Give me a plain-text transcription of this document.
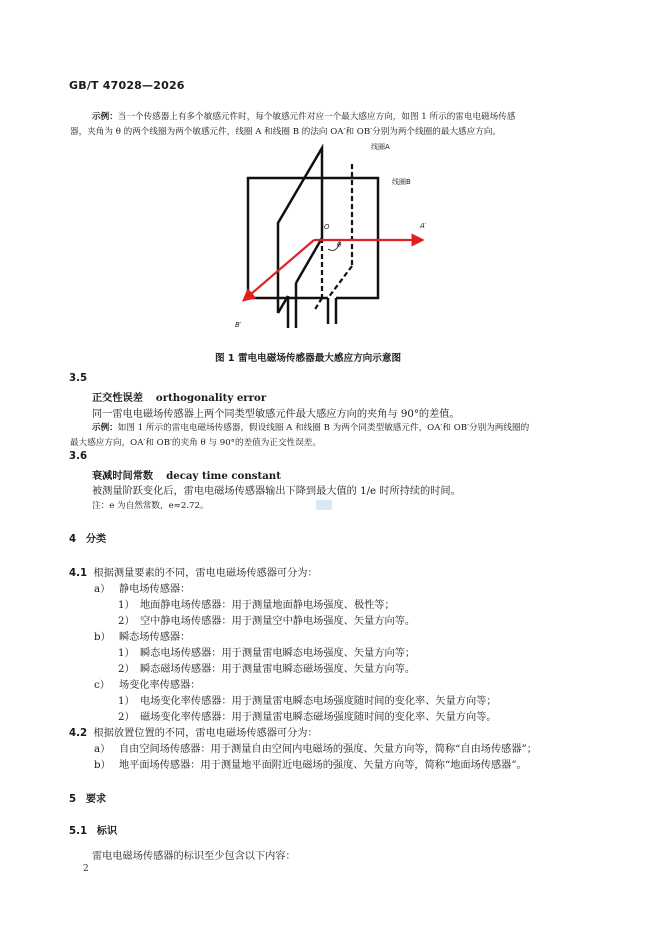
GB/T 47028—2026
示例：当一个传感器上有多个敏感元件时，每个敏感元件对应一个最大感应方向，如图 1 所示的雷电电磁场传感
器，夹角为 θ 的两个线圈为两个敏感元件，线圈 A 和线圈 B 的法向 OA′和 OB′分别为两个线圈的最大感应方向。
线圈A
线圈B
O
θ
A′
B′
图 1 雷电电磁场传感器最大感应方向示意图
3.5
正交性误差 orthogonality error
同一雷电电磁场传感器上两个同类型敏感元件最大感应方向的夹角与 90°的差值。
示例：如图 1 所示的雷电电磁场传感器，假设线圈 A 和线圈 B 为两个同类型敏感元件，OA′和 OB′分别为两线圈的
最大感应方向，OA′和 OB′的夹角 θ 与 90°的差值为正交性误差。
3.6
衰减时间常数 decay time constant
被测量阶跃变化后，雷电电磁场传感器输出下降到最大值的 1/e 时所持续的时间。
注：e 为自然常数，e≈2.72。
4 分类
4.1 根据测量要素的不同，雷电电磁场传感器可分为：
a） 静电场传感器：
1） 地面静电场传感器：用于测量地面静电场强度、极性等；
2） 空中静电场传感器：用于测量空中静电场强度、矢量方向等。
b） 瞬态场传感器：
1） 瞬态电场传感器：用于测量雷电瞬态电场强度、矢量方向等；
2） 瞬态磁场传感器：用于测量雷电瞬态磁场强度、矢量方向等。
c） 场变化率传感器：
1） 电场变化率传感器：用于测量雷电瞬态电场强度随时间的变化率、矢量方向等；
2） 磁场变化率传感器：用于测量雷电瞬态磁场强度随时间的变化率、矢量方向等。
4.2 根据放置位置的不同，雷电电磁场传感器可分为：
a） 自由空间场传感器：用于测量自由空间内电磁场的强度、矢量方向等，简称“自由场传感器”；
b） 地平面场传感器：用于测量地平面附近电磁场的强度、矢量方向等，简称“地面场传感器”。
5 要求
5.1 标识
雷电电磁场传感器的标识至少包含以下内容：
2
